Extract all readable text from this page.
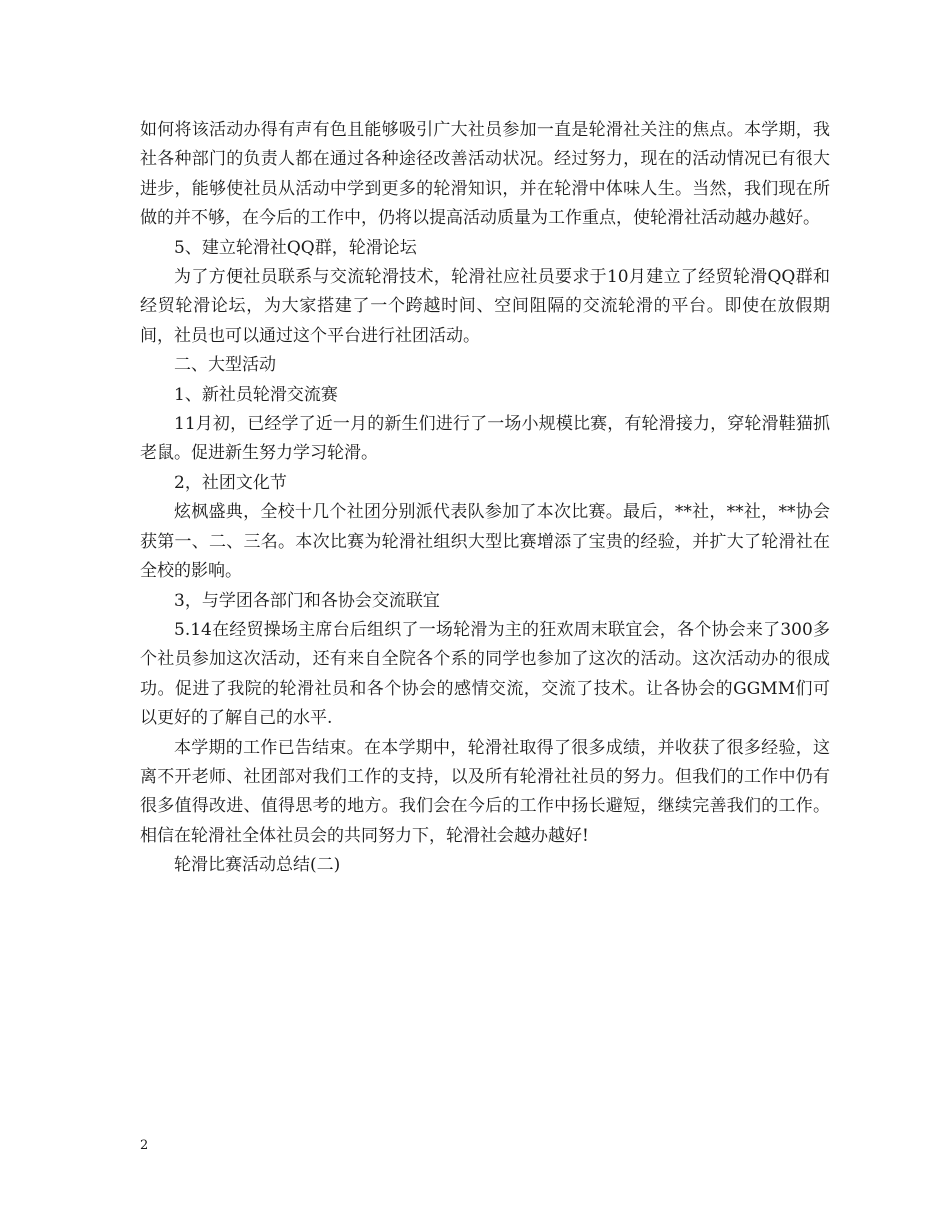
如何将该活动办得有声有色且能够吸引广大社员参加一直是轮滑社关注的焦点。本学期，我社各种部门的负责人都在通过各种途径改善活动状况。经过努力，现在的活动情况已有很大进步，能够使社员从活动中学到更多的轮滑知识，并在轮滑中体味人生。当然，我们现在所做的并不够，在今后的工作中，仍将以提高活动质量为工作重点，使轮滑社活动越办越好。

5、建立轮滑社QQ群，轮滑论坛

为了方便社员联系与交流轮滑技术，轮滑社应社员要求于10月建立了经贸轮滑QQ群和经贸轮滑论坛，为大家搭建了一个跨越时间、空间阻隔的交流轮滑的平台。即使在放假期间，社员也可以通过这个平台进行社团活动。

二、大型活动

1、新社员轮滑交流赛

11月初，已经学了近一月的新生们进行了一场小规模比赛，有轮滑接力，穿轮滑鞋猫抓老鼠。促进新生努力学习轮滑。

2，社团文化节

炫枫盛典，全校十几个社团分别派代表队参加了本次比赛。最后，**社，**社，**协会获第一、二、三名。本次比赛为轮滑社组织大型比赛增添了宝贵的经验，并扩大了轮滑社在全校的影响。

3，与学团各部门和各协会交流联宜

5.14在经贸操场主席台后组织了一场轮滑为主的狂欢周末联宜会，各个协会来了300多个社员参加这次活动，还有来自全院各个系的同学也参加了这次的活动。这次活动办的很成功。促进了我院的轮滑社员和各个协会的感情交流，交流了技术。让各协会的GGMM们可以更好的了解自己的水平.

本学期的工作已告结束。在本学期中，轮滑社取得了很多成绩，并收获了很多经验，这离不开老师、社团部对我们工作的支持，以及所有轮滑社社员的努力。但我们的工作中仍有很多值得改进、值得思考的地方。我们会在今后的工作中扬长避短，继续完善我们的工作。相信在轮滑社全体社员会的共同努力下，轮滑社会越办越好!

轮滑比赛活动总结(二)

2
